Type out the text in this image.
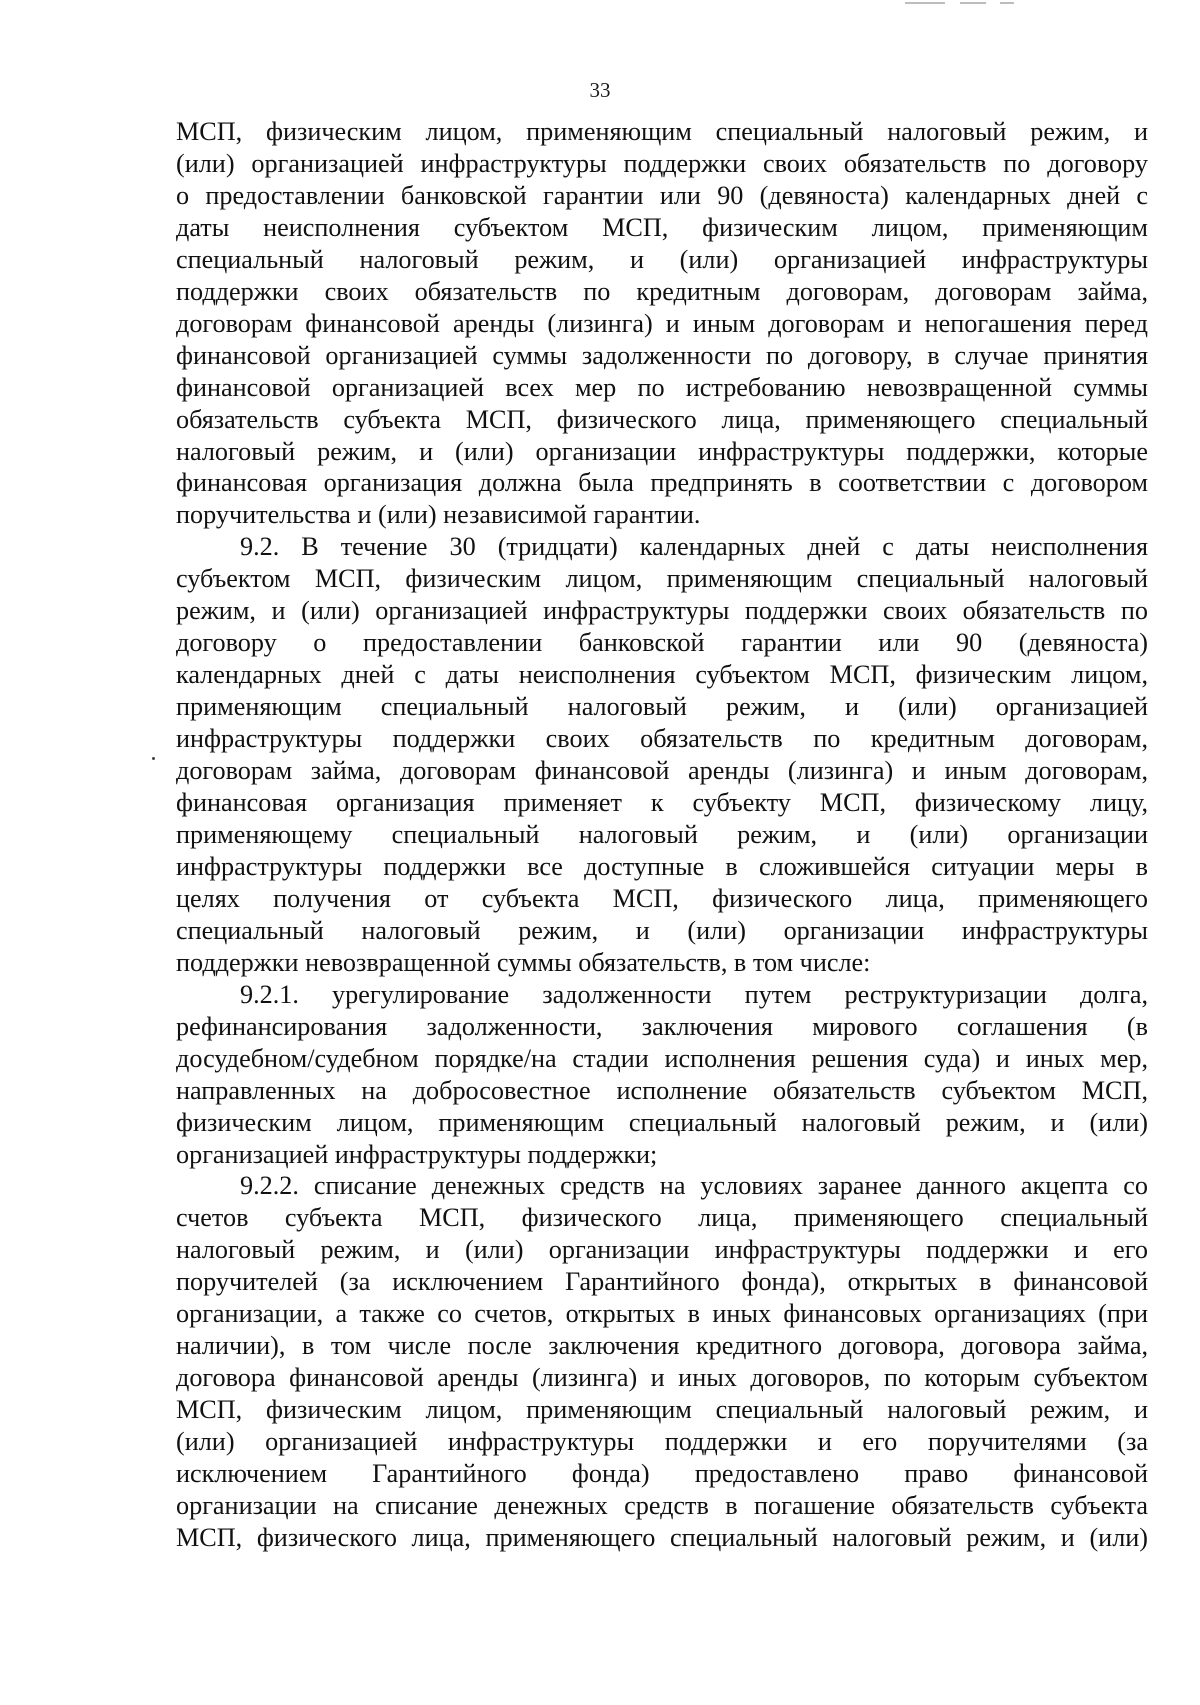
33
МСП, физическим лицом, применяющим специальный налоговый режим, и
(или) организацией инфраструктуры поддержки своих обязательств по договору
о предоставлении банковской гарантии или 90 (девяноста) календарных дней с
даты неисполнения субъектом МСП, физическим лицом, применяющим
специальный налоговый режим, и (или) организацией инфраструктуры
поддержки своих обязательств по кредитным договорам, договорам займа,
договорам финансовой аренды (лизинга) и иным договорам и непогашения перед
финансовой организацией суммы задолженности по договору, в случае принятия
финансовой организацией всех мер по истребованию невозвращенной суммы
обязательств субъекта МСП, физического лица, применяющего специальный
налоговый режим, и (или) организации инфраструктуры поддержки, которые
финансовая организация должна была предпринять в соответствии с договором
поручительства и (или) независимой гарантии.
9.2. В течение 30 (тридцати) календарных дней с даты неисполнения
субъектом МСП, физическим лицом, применяющим специальный налоговый
режим, и (или) организацией инфраструктуры поддержки своих обязательств по
договору о предоставлении банковской гарантии или 90 (девяноста)
календарных дней с даты неисполнения субъектом МСП, физическим лицом,
применяющим специальный налоговый режим, и (или) организацией
инфраструктуры поддержки своих обязательств по кредитным договорам,
договорам займа, договорам финансовой аренды (лизинга) и иным договорам,
финансовая организация применяет к субъекту МСП, физическому лицу,
применяющему специальный налоговый режим, и (или) организации
инфраструктуры поддержки все доступные в сложившейся ситуации меры в
целях получения от субъекта МСП, физического лица, применяющего
специальный налоговый режим, и (или) организации инфраструктуры
поддержки невозвращенной суммы обязательств, в том числе:
9.2.1. урегулирование задолженности путем реструктуризации долга,
рефинансирования задолженности, заключения мирового соглашения (в
досудебном/судебном порядке/на стадии исполнения решения суда) и иных мер,
направленных на добросовестное исполнение обязательств субъектом МСП,
физическим лицом, применяющим специальный налоговый режим, и (или)
организацией инфраструктуры поддержки;
9.2.2. списание денежных средств на условиях заранее данного акцепта со
счетов субъекта МСП, физического лица, применяющего специальный
налоговый режим, и (или) организации инфраструктуры поддержки и его
поручителей (за исключением Гарантийного фонда), открытых в финансовой
организации, а также со счетов, открытых в иных финансовых организациях (при
наличии), в том числе после заключения кредитного договора, договора займа,
договора финансовой аренды (лизинга) и иных договоров, по которым субъектом
МСП, физическим лицом, применяющим специальный налоговый режим, и
(или) организацией инфраструктуры поддержки и его поручителями (за
исключением Гарантийного фонда) предоставлено право финансовой
организации на списание денежных средств в погашение обязательств субъекта
МСП, физического лица, применяющего специальный налоговый режим, и (или)
